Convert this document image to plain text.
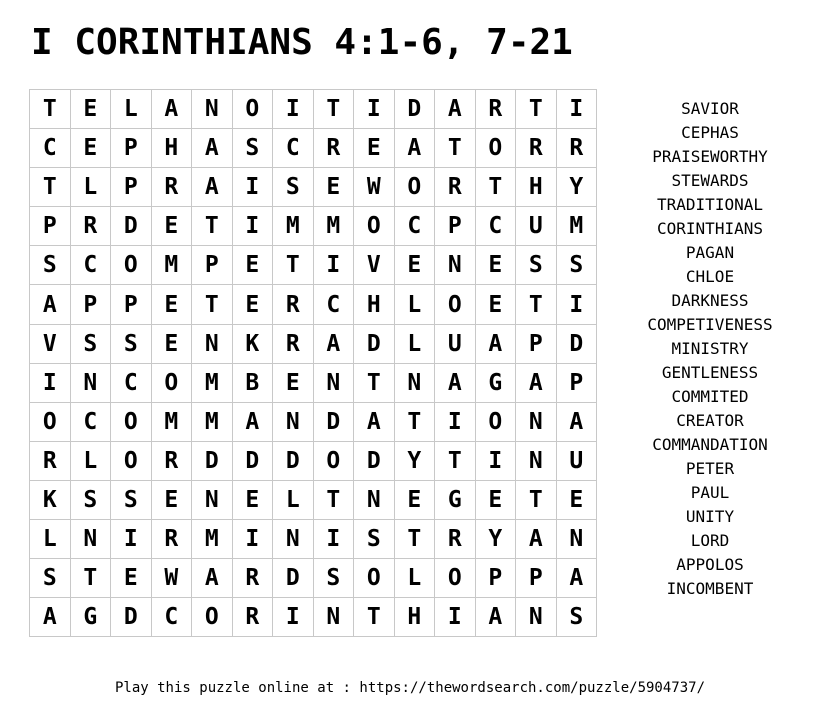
I CORINTHIANS 4:1-6, 7-21
T	E	L	A	N	O	I	T	I	D	A	R	T	I
C	E	P	H	A	S	C	R	E	A	T	O	R	R
T	L	P	R	A	I	S	E	W	O	R	T	H	Y
P	R	D	E	T	I	M	M	O	C	P	C	U	M
S	C	O	M	P	E	T	I	V	E	N	E	S	S
A	P	P	E	T	E	R	C	H	L	O	E	T	I
V	S	S	E	N	K	R	A	D	L	U	A	P	D
I	N	C	O	M	B	E	N	T	N	A	G	A	P
O	C	O	M	M	A	N	D	A	T	I	O	N	A
R	L	O	R	D	D	D	O	D	Y	T	I	N	U
K	S	S	E	N	E	L	T	N	E	G	E	T	E
L	N	I	R	M	I	N	I	S	T	R	Y	A	N
S	T	E	W	A	R	D	S	O	L	O	P	P	A
A	G	D	C	O	R	I	N	T	H	I	A	N	S
SAVIOR
CEPHAS
PRAISEWORTHY
STEWARDS
TRADITIONAL
CORINTHIANS
PAGAN
CHLOE
DARKNESS
COMPETIVENESS
MINISTRY
GENTLENESS
COMMITED
CREATOR
COMMANDATION
PETER
PAUL
UNITY
LORD
APPOLOS
INCOMBENT
Play this puzzle online at : https://thewordsearch.com/puzzle/5904737/
